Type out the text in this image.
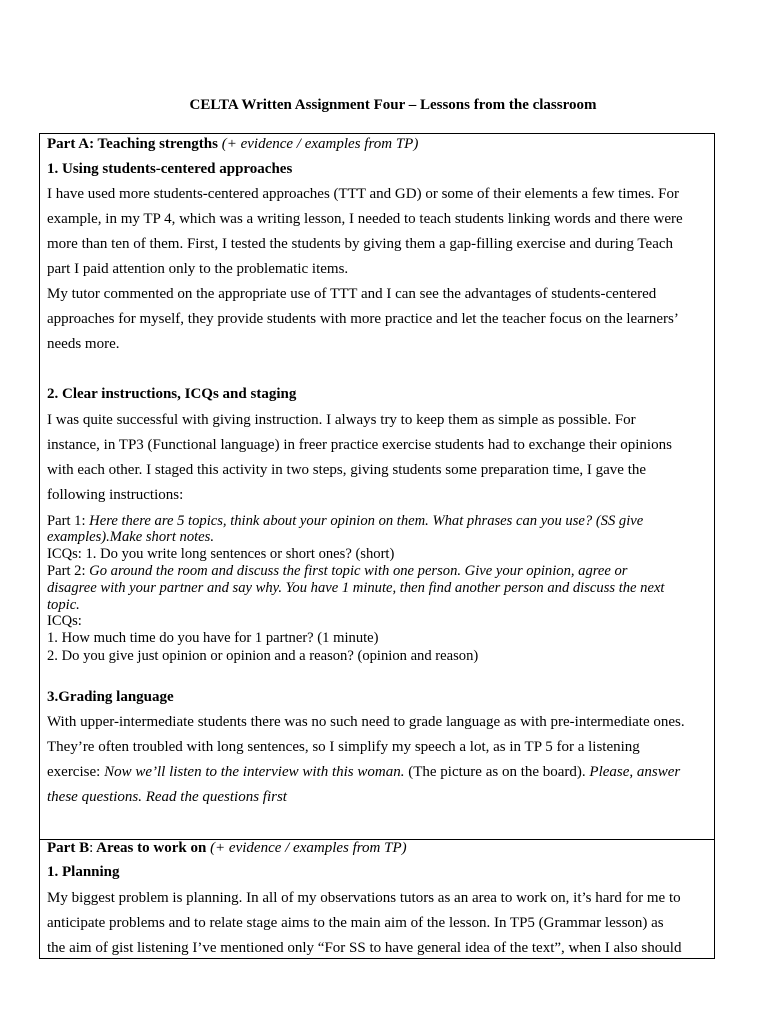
CELTA Written Assignment Four – Lessons from the classroom
Part A: Teaching strengths (+ evidence / examples from TP)
1. Using students-centered approaches
I have used more students-centered approaches (TTT and GD) or some of their elements a few times. For
example, in my TP 4, which was a writing lesson, I needed to teach students linking words and there were
more than ten of them. First, I tested the students by giving them a gap-filling exercise and during Teach
part I paid attention only to the problematic items.
My tutor commented on the appropriate use of TTT and I can see the advantages of students-centered
approaches for myself, they provide students with more practice and let the teacher focus on the learners’
needs more.
2. Clear instructions, ICQs and staging
I was quite successful with giving instruction. I always try to keep them as simple as possible. For
instance, in TP3 (Functional language) in freer practice exercise students had to exchange their opinions
with each other. I staged this activity in two steps, giving students some preparation time, I gave the
following instructions:
Part 1: Here there are 5 topics, think about your opinion on them. What phrases can you use? (SS give
examples).Make short notes.
ICQs: 1. Do you write long sentences or short ones? (short)
Part 2: Go around the room and discuss the first topic with one person. Give your opinion, agree or
disagree with your partner and say why. You have 1 minute, then find another person and discuss the next
topic.
ICQs:
1. How much time do you have for 1 partner? (1 minute)
2. Do you give just opinion or opinion and a reason? (opinion and reason)
3.Grading language
With upper-intermediate students there was no such need to grade language as with pre-intermediate ones.
They’re often troubled with long sentences, so I simplify my speech a lot, as in TP 5 for a listening
exercise: Now we’ll listen to the interview with this woman. (The picture as on the board). Please, answer
these questions. Read the questions first
Part B: Areas to work on (+ evidence / examples from TP)
1. Planning
My biggest problem is planning. In all of my observations tutors as an area to work on, it’s hard for me to
anticipate problems and to relate stage aims to the main aim of the lesson. In TP5 (Grammar lesson) as
the aim of gist listening I’ve mentioned only “For SS to have general idea of the text”, when I also should
